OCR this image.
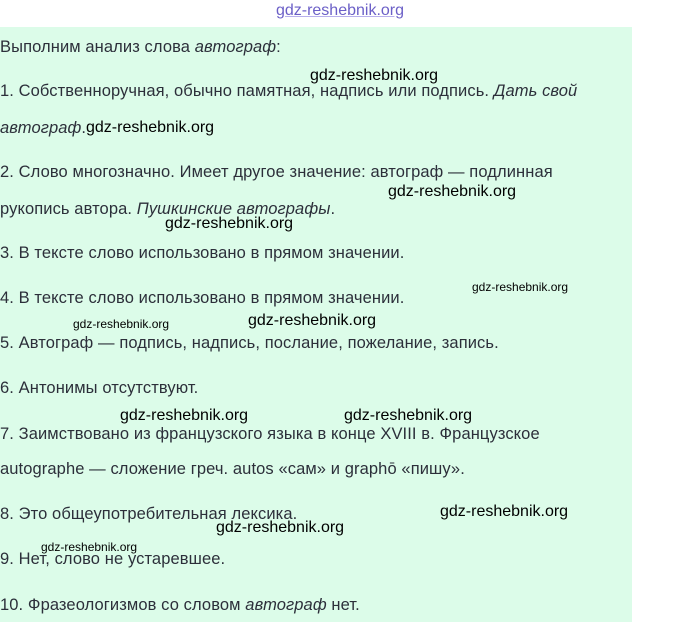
gdz-reshebnik.org
Выполним анализ слова автограф:
1. Собственноручная, обычно памятная, надпись или подпись. Дать свой
автограф.
2. Слово многозначно. Имеет другое значение: автограф — подлинная
рукопись автора. Пушкинские автографы.
3. В тексте слово использовано в прямом значении.
4. В тексте слово использовано в прямом значении.
5. Автограф — подпись, надпись, послание, пожелание, запись.
6. Антонимы отсутствуют.
7. Заимствовано из французского языка в конце XVIII в. Французское
autographe — сложение греч. autos «сам» и graphō «пишу».
8. Это общеупотребительная лексика.
9. Нет, слово не устаревшее.
10. Фразеологизмов со словом автограф нет.
gdz-reshebnik.org
gdz-reshebnik.org
gdz-reshebnik.org
gdz-reshebnik.org
gdz-reshebnik.org
gdz-reshebnik.org	gdz-reshebnik.org
gdz-reshebnik.org	gdz-reshebnik.org
gdz-reshebnik.org
gdz-reshebnik.org
gdz-reshebnik.org
